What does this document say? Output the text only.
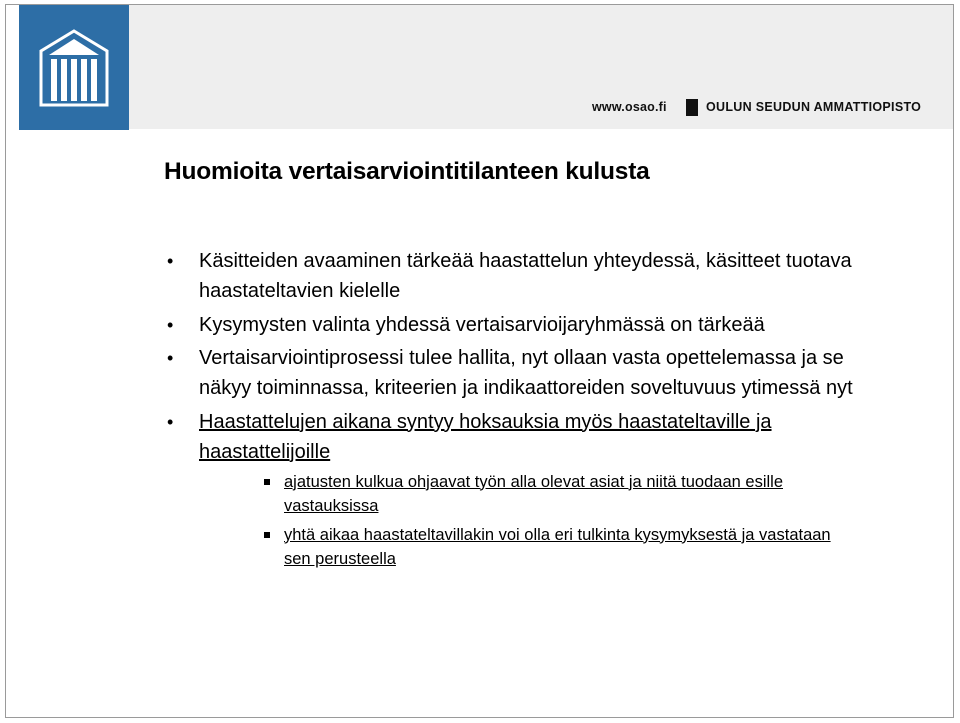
www.osao.fi	OULUN SEUDUN AMMATTIOPISTO
Huomioita vertaisarviointitilanteen kulusta
• Käsitteiden avaaminen tärkeää haastattelun yhteydessä, käsitteet tuotava haastateltavien kielelle
• Kysymysten valinta yhdessä vertaisarvioijaryhmässä on tärkeää
• Vertaisarviointiprosessi tulee hallita, nyt ollaan vasta opettelemassa ja se näkyy toiminnassa, kriteerien ja indikaattoreiden soveltuvuus ytimessä nyt
• Haastattelujen aikana syntyy hoksauksia myös haastateltaville ja haastattelijoille
ajatusten kulkua ohjaavat työn alla olevat asiat ja niitä tuodaan esille vastauksissa
yhtä aikaa haastateltavillakin voi olla eri tulkinta kysymyksestä ja vastataan sen perusteella
